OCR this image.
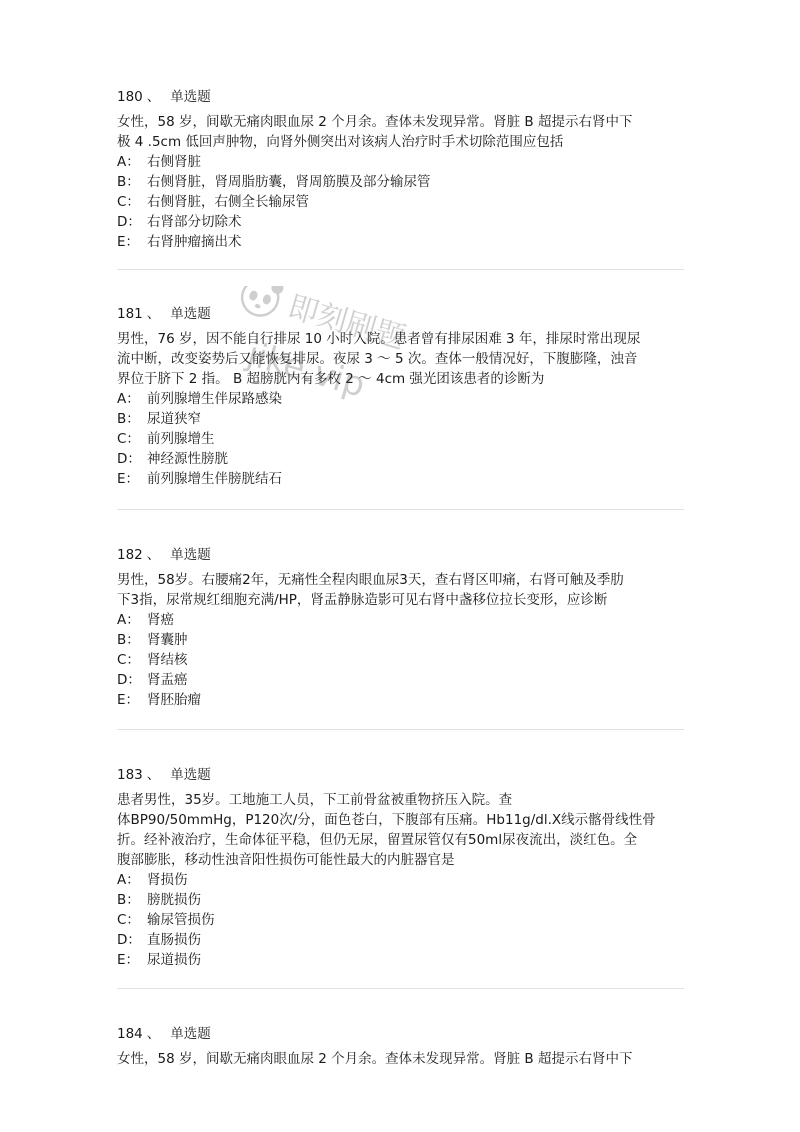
180 、 单选题
女性，58 岁，间歇无痛肉眼血尿 2 个月余。查体未发现异常。肾脏 B 超提示右肾中下
极 4 .5cm 低回声肿物，向肾外侧突出对该病人治疗时手术切除范围应包括
A： 右侧肾脏
B： 右侧肾脏，肾周脂肪囊，肾周筋膜及部分输尿管
C： 右侧肾脏，右侧全长输尿管
D： 右肾部分切除术
E： 右肾肿瘤摘出术
181 、 单选题
男性，76 岁，因不能自行排尿 10 小时入院。患者曾有排尿困难 3 年，排尿时常出现尿
流中断，改变姿势后又能恢复排尿。夜尿 3 ～ 5 次。查体一般情况好，下腹膨隆，浊音
界位于脐下 2 指。 B 超膀胱内有多枚 2 ～ 4cm 强光团该患者的诊断为
A： 前列腺增生伴尿路感染
B： 尿道狭窄
C： 前列腺增生
D： 神经源性膀胱
E： 前列腺增生伴膀胱结石
182 、 单选题
男性，58岁。右腰痛2年，无痛性全程肉眼血尿3天，查右肾区叩痛，右肾可触及季肋
下3指，尿常规红细胞充满/HP，肾盂静脉造影可见右肾中盏移位拉长变形，应诊断
A： 肾癌
B： 肾囊肿
C： 肾结核
D： 肾盂癌
E： 肾胚胎瘤
183 、 单选题
患者男性，35岁。工地施工人员，下工前骨盆被重物挤压入院。查
体BP90/50mmHg，P120次/分，面色苍白，下腹部有压痛。Hb11g/dl.X线示髂骨线性骨
折。经补液治疗，生命体征平稳，但仍无尿，留置尿管仅有50ml尿夜流出，淡红色。全
腹部膨胀，移动性浊音阳性损伤可能性最大的内脏器官是
A： 肾损伤
B： 膀胱损伤
C： 输尿管损伤
D： 直肠损伤
E： 尿道损伤
184 、 单选题
女性，58 岁，间歇无痛肉眼血尿 2 个月余。查体未发现异常。肾脏 B 超提示右肾中下
即刻刷题
jike.vip
